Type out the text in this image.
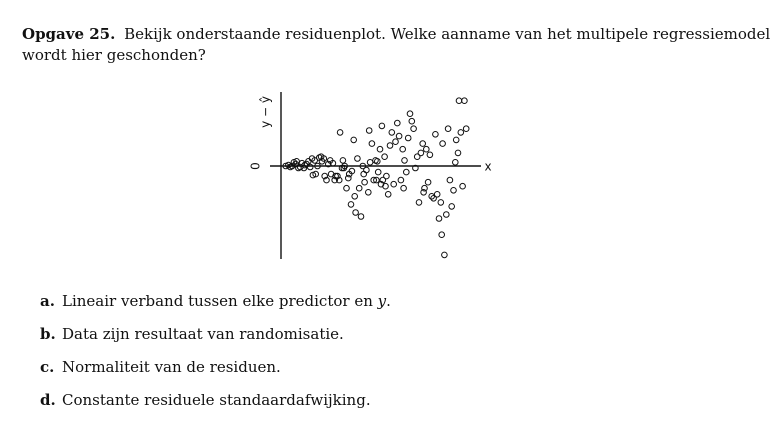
Opgave 25. Bekijk onderstaande residuenplot. Welke aanname van het multipele regressiemodel
wordt hier geschonden?
y − ŷ
0	x
a. Lineair verband tussen elke predictor en y.
b. Data zijn resultaat van randomisatie.
c. Normaliteit van de residuen.
d. Constante residuele standaardafwijking.
